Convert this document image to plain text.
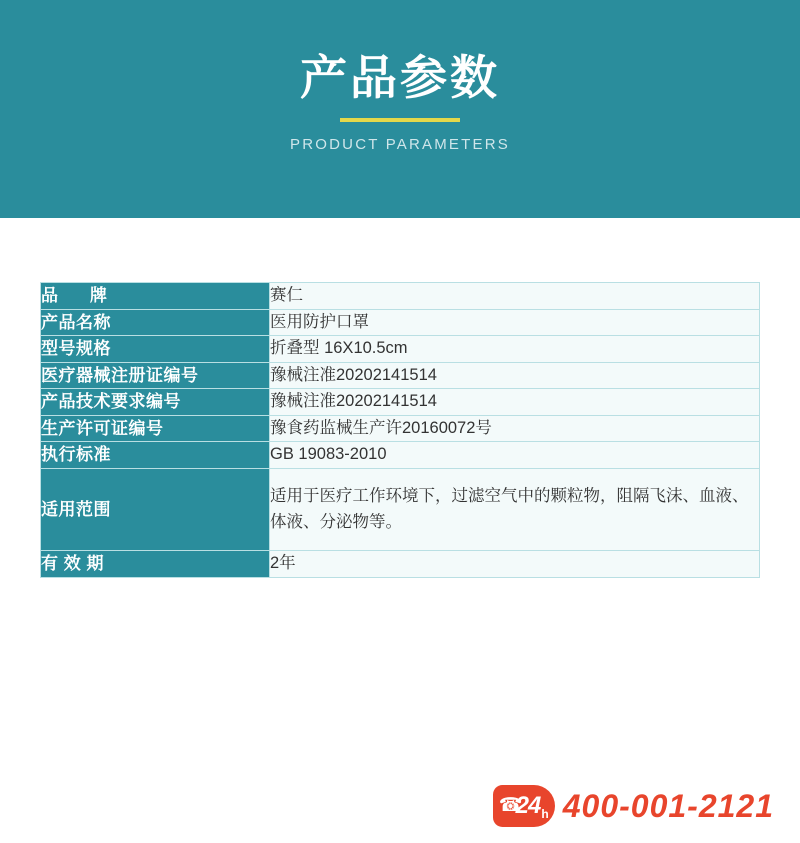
产品参数
PRODUCT PARAMETERS
品      牌	赛仁
产品名称	医用防护口罩
型号规格	折叠型 16X10.5cm
医疗器械注册证编号	豫械注准20202141514
产品技术要求编号	豫械注准20202141514
生产许可证编号	豫食药监械生产许20160072号
执行标准	GB 19083-2010
适用范围	适用于医疗工作环境下，过滤空气中的颗粒物，阻隔飞沫、血液、体液、分泌物等。
有 效 期	2年
☎
24 h 400-001-2121
